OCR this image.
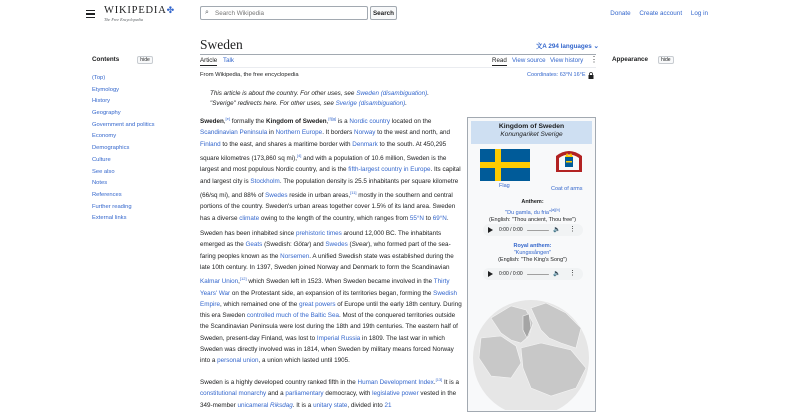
WIKIPEDIA✤
The Free Encyclopedia
⌕
Search Wikipedia	Search	Donate Create account Log in
Contents	hide
(Top)
Etymology
History
Geography
Government and politics
Economy
Demographics
Culture
See also
Notes
References
Further reading
External links
Sweden	文A 294 languages ⌄
Article Talk	Read View source View history ⋮
From Wikipedia, the free encyclopedia	Coordinates: 63°N 16°E
This article is about the country. For other uses, see Sweden (disambiguation).
"Sverige" redirects here. For other uses, see Sverige (disambiguation).
Sweden,[e] formally the Kingdom of Sweden,[f][g] is a Nordic country located on the Scandinavian Peninsula in Northern Europe. It borders Norway to the west and north, and Finland to the east, and shares a maritime border with Denmark to the south. At 450,295 square kilometres (173,860 sq mi),[4] and with a population of 10.6 million, Sweden is the largest and most populous Nordic country, and is the fifth-largest country in Europe. Its capital and largest city is Stockholm. The population density is 25.5 inhabitants per square kilometre (66/sq mi), and 88% of Swedes reside in urban areas,[11] mostly in the southern and central portions of the country. Sweden's urban areas together cover 1.5% of its land area. Sweden has a diverse climate owing to the length of the country, which ranges from 55°N to 69°N.
Sweden has been inhabited since prehistoric times around 12,000 BC. The inhabitants emerged as the Geats (Swedish: Götar) and Swedes (Svear), who formed part of the sea-faring peoples known as the Norsemen. A unified Swedish state was established during the late 10th century. In 1397, Sweden joined Norway and Denmark to form the Scandinavian Kalmar Union,[12] which Sweden left in 1523. When Sweden became involved in the Thirty Years' War on the Protestant side, an expansion of its territories began, forming the Swedish Empire, which remained one of the great powers of Europe until the early 18th century. During this era Sweden controlled much of the Baltic Sea. Most of the conquered territories outside the Scandinavian Peninsula were lost during the 18th and 19th centuries. The eastern half of Sweden, present-day Finland, was lost to Imperial Russia in 1809. The last war in which Sweden was directly involved was in 1814, when Sweden by military means forced Norway into a personal union, a union which lasted until 1905.
Sweden is a highly developed country ranked fifth in the Human Development Index.[13] It is a constitutional monarchy and a parliamentary democracy, with legislative power vested in the 349-member unicameral Riksdag. It is a unitary state, divided into 21
Kingdom of Sweden
Konungariket Sverige
Flag	Coat of arms
Anthem:
"Du gamla, du fria"[a][b]
(English: "Thou ancient, Thou free")
0:00 / 0:00	🔈 ⋮
Royal anthem:
"Kungssången"
(English: "The King's Song")
0:00 / 0:00	🔈 ⋮
Appearance	hide
